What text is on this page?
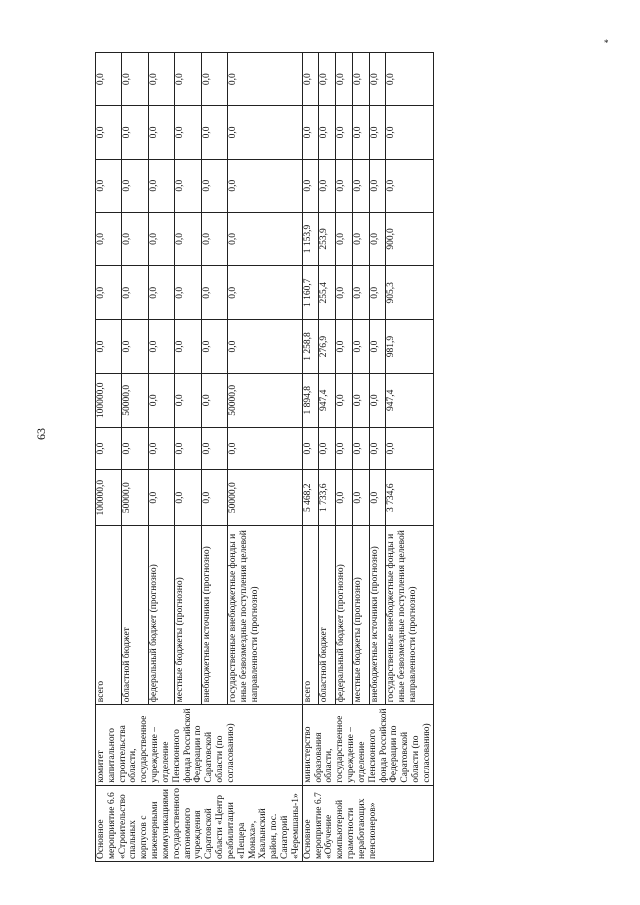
63
*
Основное мероприятие 6.6 «Строительство спальных корпусов с инженерными коммуникациями государственного автономного учреждения Саратовской области «Центр реабилитации «Пещера Монаха», Хвалынский район, пос. Санаторий «Черемшаны-1»	комитет капитального строительства области, государственное учреждение – отделение Пенсионного фонда Российской Федерации по Саратовской области (по согласованию)	всего	100000,0	0,0	100000,0	0,0	0,0	0,0	0,0	0,0	0,0
		областной бюджет	50000,0	0,0	50000,0	0,0	0,0	0,0	0,0	0,0	0,0
		федеральный бюджет (прогнозно)	0,0	0,0	0,0	0,0	0,0	0,0	0,0	0,0	0,0
		местные бюджеты (прогнозно)	0,0	0,0	0,0	0,0	0,0	0,0	0,0	0,0	0,0
		внебюджетные источники (прогнозно)	0,0	0,0	0,0	0,0	0,0	0,0	0,0	0,0	0,0
		государственные внебюджетные фонды и иные безвозмездные поступления целевой направленности (прогнозно)	50000,0	0,0	50000,0	0,0	0,0	0,0	0,0	0,0	0,0
Основное мероприятие 6.7 «Обучение компьютерной грамотности неработающих пенсионеров»	министерство образования области, государственное учреждение – отделение Пенсионного фонда Российской Федерации по Саратовской области (по согласованию)	всего	5 468,2	0,0	1 894,8	1 258,8	1 160,7	1 153,9	0,0	0,0	0,0
		областной бюджет	1 733,6	0,0	947,4	276,9	255,4	253,9	0,0	0,0	0,0
		федеральный бюджет (прогнозно)	0,0	0,0	0,0	0,0	0,0	0,0	0,0	0,0	0,0
		местные бюджеты (прогнозно)	0,0	0,0	0,0	0,0	0,0	0,0	0,0	0,0	0,0
		внебюджетные источники (прогнозно)	0,0	0,0	0,0	0,0	0,0	0,0	0,0	0,0	0,0
		государственные внебюджетные фонды и иные безвозмездные поступления целевой направленности (прогнозно)	3 734,6	0,0	947,4	981,9	905,3	900,0	0,0	0,0	0,0
